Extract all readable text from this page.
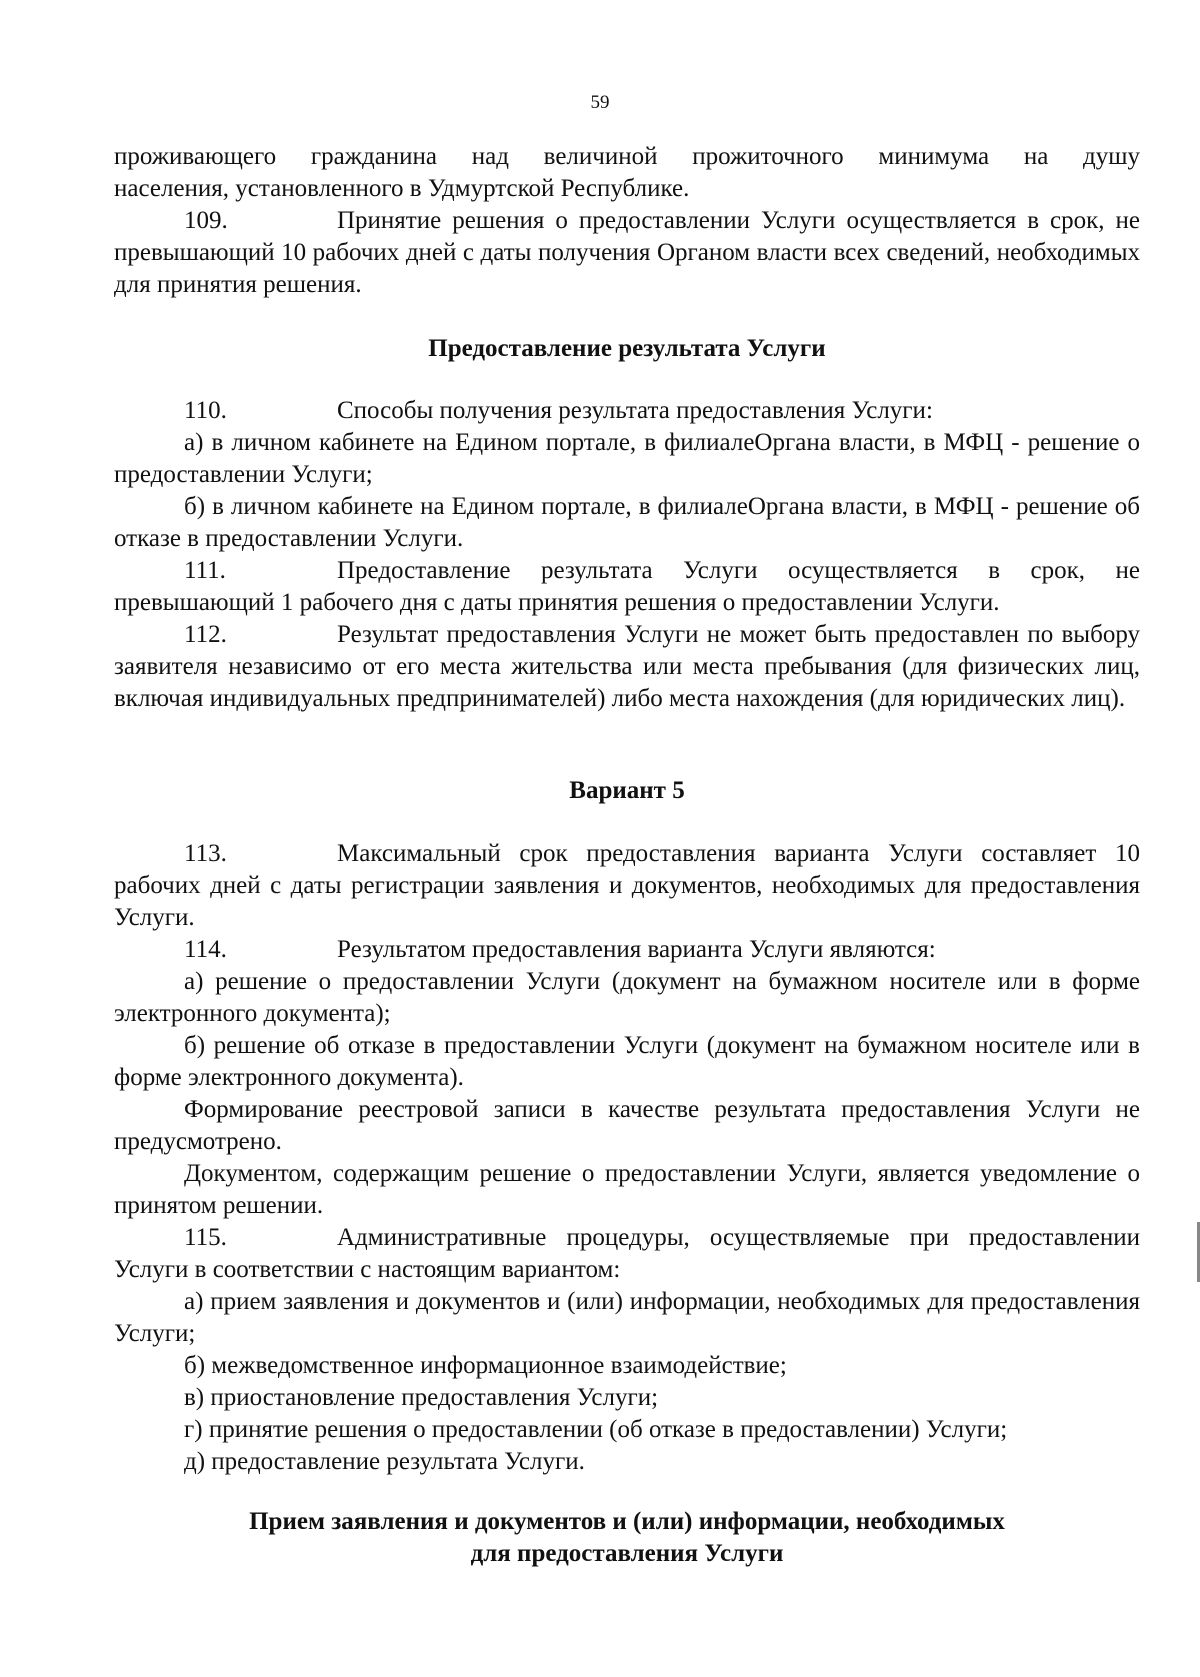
59

проживающего гражданина над величиной прожиточного минимума на душу

населения, установленного в Удмуртской Республике.

109.	Принятие решения о предоставлении Услуги осуществляется в срок, не превышающий 10 рабочих дней с даты получения Органом власти всех сведений, необходимых для принятия решения.

Предоставление результата Услуги

110.	Способы получения результата предоставления Услуги:

а) в личном кабинете на Едином портале, в филиалеОргана власти, в МФЦ - решение о предоставлении Услуги;

б) в личном кабинете на Едином портале, в филиалеОргана власти, в МФЦ - решение об отказе в предоставлении Услуги.

111.	Предоставление результата Услуги осуществляется в срок, не превышающий 1 рабочего дня с даты принятия решения о предоставлении Услуги.

112.	Результат предоставления Услуги не может быть предоставлен по выбору заявителя независимо от его места жительства или места пребывания (для физических лиц, включая индивидуальных предпринимателей) либо места нахождения (для юридических лиц).

Вариант 5

113.	Максимальный срок предоставления варианта Услуги составляет 10 рабочих дней с даты регистрации заявления и документов, необходимых для предоставления Услуги.

114.	Результатом предоставления варианта Услуги являются:

а) решение о предоставлении Услуги (документ на бумажном носителе или в форме электронного документа);

б) решение об отказе в предоставлении Услуги (документ на бумажном носителе или в форме электронного документа).

Формирование реестровой записи в качестве результата предоставления Услуги не предусмотрено.

Документом, содержащим решение о предоставлении Услуги, является уведомление о принятом решении.

115.	Административные процедуры, осуществляемые при предоставлении Услуги в соответствии с настоящим вариантом:

а) прием заявления и документов и (или) информации, необходимых для предоставления Услуги;

б) межведомственное информационное взаимодействие;

в) приостановление предоставления Услуги;

г) принятие решения о предоставлении (об отказе в предоставлении) Услуги;

д) предоставление результата Услуги.

Прием заявления и документов и (или) информации, необходимых

для предоставления Услуги
